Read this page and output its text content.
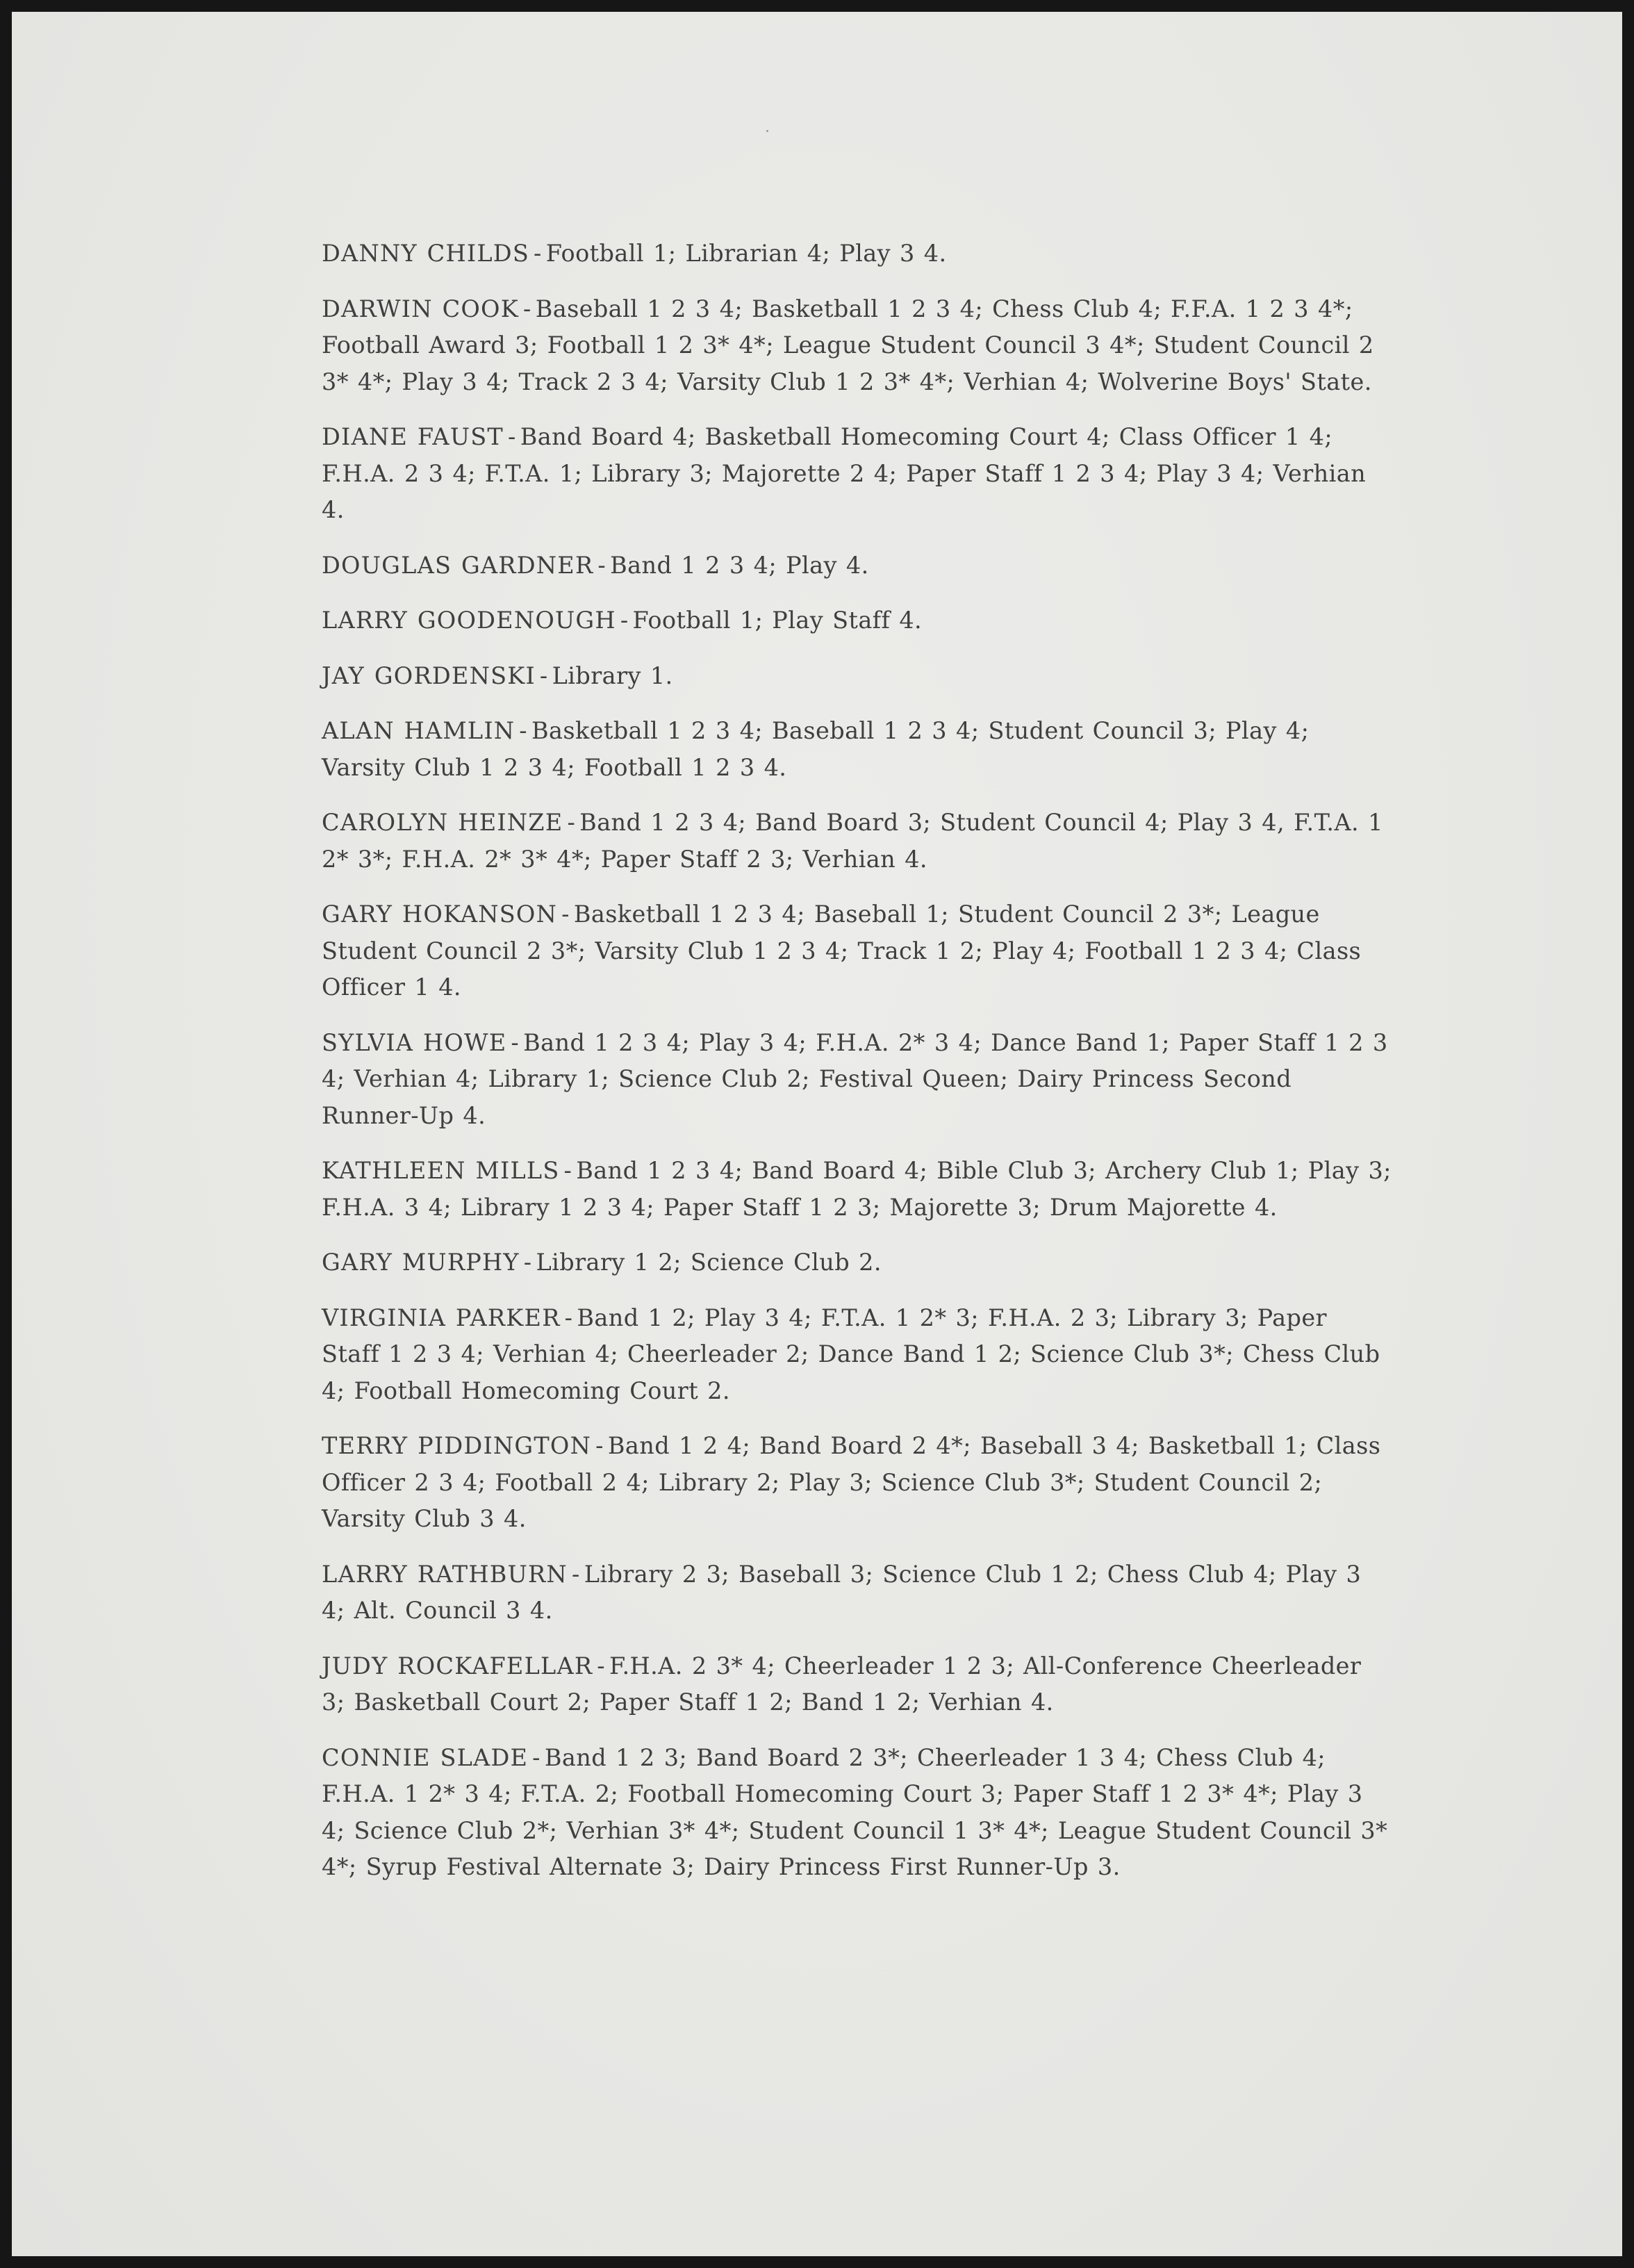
DANNY CHILDS - Football 1; Librarian 4; Play 3 4.
DARWIN COOK - Baseball 1 2 3 4; Basketball 1 2 3 4; Chess Club 4; F.F.A. 1 2 3 4*; Football Award 3; Football 1 2 3* 4*; League Student Council 3 4*; Student Council 2 3* 4*; Play 3 4; Track 2 3 4; Varsity Club 1 2 3* 4*; Verhian 4; Wolverine Boys' State.
DIANE FAUST - Band Board 4; Basketball Homecoming Court 4; Class Officer 1 4; F.H.A. 2 3 4; F.T.A. 1; Library 3; Majorette 2 4; Paper Staff 1 2 3 4; Play 3 4; Verhian 4.
DOUGLAS GARDNER - Band 1 2 3 4; Play 4.
LARRY GOODENOUGH - Football 1; Play Staff 4.
JAY GORDENSKI - Library 1.
ALAN HAMLIN - Basketball 1 2 3 4; Baseball 1 2 3 4; Student Council 3; Play 4; Varsity Club 1 2 3 4; Football 1 2 3 4.
CAROLYN HEINZE - Band 1 2 3 4; Band Board 3; Student Council 4; Play 3 4, F.T.A. 1 2* 3*; F.H.A. 2* 3* 4*; Paper Staff 2 3; Verhian 4.
GARY HOKANSON - Basketball 1 2 3 4; Baseball 1; Student Council 2 3*; League Student Council 2 3*; Varsity Club 1 2 3 4; Track 1 2; Play 4; Football 1 2 3 4; Class Officer 1 4.
SYLVIA HOWE - Band 1 2 3 4; Play 3 4; F.H.A. 2* 3 4; Dance Band 1; Paper Staff 1 2 3 4; Verhian 4; Library 1; Science Club 2; Festival Queen; Dairy Princess Second Runner-Up 4.
KATHLEEN MILLS - Band 1 2 3 4; Band Board 4; Bible Club 3; Archery Club 1; Play 3; F.H.A. 3 4; Library 1 2 3 4; Paper Staff 1 2 3; Majorette 3; Drum Majorette 4.
GARY MURPHY - Library 1 2; Science Club 2.
VIRGINIA PARKER - Band 1 2; Play 3 4; F.T.A. 1 2* 3; F.H.A. 2 3; Library 3; Paper Staff 1 2 3 4; Verhian 4; Cheerleader 2; Dance Band 1 2; Science Club 3*; Chess Club 4; Football Homecoming Court 2.
TERRY PIDDINGTON - Band 1 2 4; Band Board 2 4*; Baseball 3 4; Basketball 1; Class Officer 2 3 4; Football 2 4; Library 2; Play 3; Science Club 3*; Student Council 2; Varsity Club 3 4.
LARRY RATHBURN - Library 2 3; Baseball 3; Science Club 1 2; Chess Club 4; Play 3 4; Alt. Council 3 4.
JUDY ROCKAFELLAR - F.H.A. 2 3* 4; Cheerleader 1 2 3; All-Conference Cheerleader 3; Basketball Court 2; Paper Staff 1 2; Band 1 2; Verhian 4.
CONNIE SLADE - Band 1 2 3; Band Board 2 3*; Cheerleader 1 3 4; Chess Club 4; F.H.A. 1 2* 3 4; F.T.A. 2; Football Homecoming Court 3; Paper Staff 1 2 3* 4*; Play 3 4; Science Club 2*; Verhian 3* 4*; Student Council 1 3* 4*; League Student Council 3* 4*; Syrup Festival Alternate 3; Dairy Princess First Runner-Up 3.
